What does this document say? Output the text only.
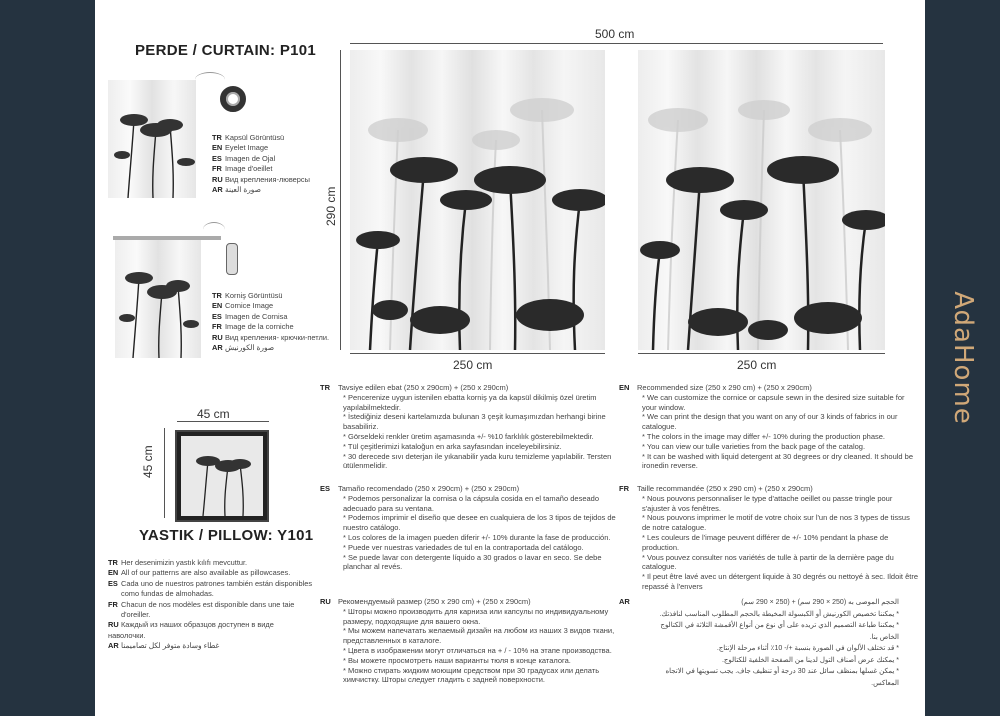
PERDE / CURTAIN: P101
TR Kapsül Görüntüsü
EN Eyelet Image
ES Imagen de Ojal
FR Image d'oeillet
RU Вид крепления-люверсы
AR صورة العينة
TR Korniş Görüntüsü
EN Cornice Image
ES Imagen de Cornisa
FR Image de la corniche
RU Вид крепления- крючки-петли.
AR صورة الكورنيش
45 cm
45 cm
YASTIK / PILLOW: Y101
TR Her desenimizin yastık kılıfı mevcuttur.
EN All of our patterns are also available as pillowcases.
ES Cada uno de nuestros patrones también están disponibles como fundas de almohadas.
FR Chacun de nos modèles est disponible dans une taie d'oreiller.
RU Каждый из наших образцов доступен в виде наволочки.
AR غطاء وسادة متوفر لكل تصاميمنا
500 cm
290 cm
250 cm	250 cm
TR Tavsiye edilen ebat (250 x 290cm) + (250 x 290cm)
* Pencerenize uygun istenilen ebatta korniş ya da kapsül dikilmiş özel üretim yapılabilmektedir.
* İstediğiniz deseni kartelamızda bulunan 3 çeşit kumaşımızdan herhangi birine basabiliriz.
* Görseldeki renkler üretim aşamasında +/- %10 farklılık gösterebilmektedir.
* Tül çeşitlerimizi kataloğun en arka sayfasından inceleyebilirsiniz.
* 30 derecede sıvı deterjan ile yıkanabilir yada kuru temizleme yapılabilir. Tersten ütülenmelidir.
EN Recommended size (250 x 290 cm) + (250 x 290cm)
* We can customize the cornice or capsule sewn in the desired size suitable for your window.
* We can print the design that you want on any of our 3 kinds of fabrics in our catalogue.
* The colors in the image may differ +/- 10% during the production phase.
* You can view our tulle varieties from the back page of the catalog.
* It can be washed with liquid detergent at 30 degrees or dry cleaned. It should be ironedin reverse.
ES Tamaño recomendado (250 x 290cm) + (250 x 290cm)
* Podemos personalizar la cornisa o la cápsula cosida en el tamaño deseado adecuado para su ventana.
* Podemos imprimir el diseño que desee en cualquiera de los 3 tipos de tejidos de nuestro catálogo.
* Los colores de la imagen pueden diferir +/- 10% durante la fase de producción.
* Puede ver nuestras variedades de tul en la contraportada del catálogo.
* Se puede lavar con detergente líquido a 30 grados o lavar en seco. Se debe planchar al revés.
FR Taille recommandée (250 x 290 cm) + (250 x 290cm)
* Nous pouvons personnaliser le type d'attache oeillet ou passe tringle pour s'ajuster à vos fenêtres.
* Nous pouvons imprimer le motif de votre choix sur l'un de nos 3 types de tissus de notre catalogue.
* Les couleurs de l'image peuvent différer de +/- 10% pendant la phase de production.
* Vous pouvez consulter nos variétés de tulle à partir de la dernière page du catalogue.
* Il peut être lavé avec un détergent liquide à 30 degrés ou nettoyé à sec. Ildoit être repassé à l'envers
RU Рекомендуемый размер (250 x 290 cm) + (250 x 290cm)
* Шторы можно производить для карниза или капсулы по индивидуальному размеру, подходящие для вашего окна.
* Мы можем напечатать желаемый дизайн на любом из наших 3 видов ткани, представленных в каталоге.
* Цвета в изображении могут отличаться на + / - 10% на этапе производства.
* Вы можете просмотреть наши варианты тюля в конце каталога.
* Можно стирать жидким моющим средством при 30 градусах или делать химчистку. Шторы следует гладить с задней поверхности.
AR	الحجم الموصى به (250 × 290 سم) + (250 × 290 سم)
* يمكننا تخصيص الكورنيش أو الكبسولة المخيطة بالحجم المطلوب المناسب لنافذتك.
* يمكننا طباعة التصميم الذي تريده على أي نوع من أنواع الأقمشة الثلاثة في الكتالوج الخاص بنا.
* قد تختلف الألوان في الصورة بنسبة +/- 10٪ أثناء مرحلة الإنتاج.
* يمكنك عرض أصناف التول لدينا من الصفحة الخلفية للكتالوج.
* يمكن غسلها بمنظف سائل عند 30 درجة أو تنظيف جاف. يجب تسويتها في الاتجاه المعاكس.
AdaHome
